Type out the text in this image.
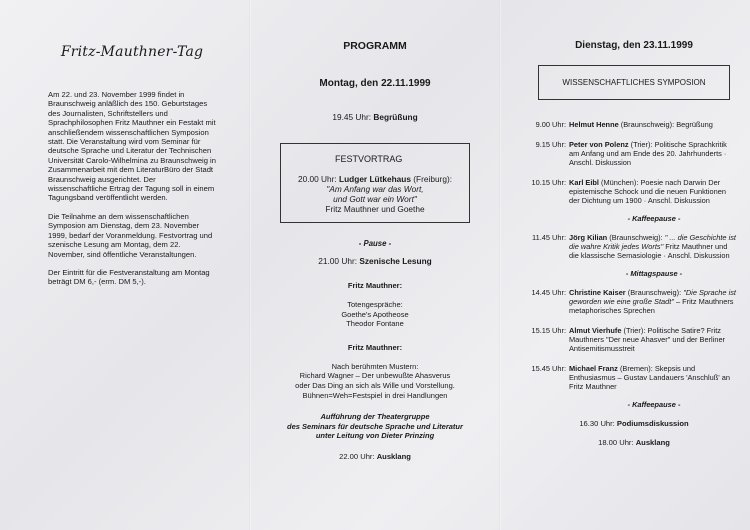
Fritz-Mauthner-Tag

Am 22. und 23. November 1999 findet in Braunschweig anläßlich des 150. Geburtstages des Journalisten, Schriftstellers und Sprachphilosophen Fritz Mauthner ein Festakt mit anschließendem wissenschaftlichen Symposion statt. Die Veranstaltung wird vom Seminar für deutsche Sprache und Literatur der Technischen Universität Carolo-Wilhelmina zu Braunschweig in Zusammenarbeit mit dem LiteraturBüro der Stadt Braunschweig ausgerichtet. Der wissenschaftliche Ertrag der Tagung soll in einem Tagungsband veröffentlicht werden.

Die Teilnahme an dem wissenschaftlichen Symposion am Dienstag, dem 23. November 1999, bedarf der Voranmeldung. Festvortrag und szenische Lesung am Montag, dem 22. November, sind öffentliche Veranstaltungen.

Der Eintritt für die Festveranstaltung am Montag beträgt DM 6,- (erm. DM 5,-).

PROGRAMM
Montag, den 22.11.1999
19.45 Uhr: Begrüßung
FESTVORTRAG
20.00 Uhr: Ludger Lütkehaus (Freiburg):
"Am Anfang war das Wort,
und Gott war ein Wort"
Fritz Mauthner und Goethe
- Pause -
21.00 Uhr: Szenische Lesung
Fritz Mauthner:
Totengespräche:
Goethe's Apotheose
Theodor Fontane
Fritz Mauthner:
Nach berühmten Mustern:
Richard Wagner – Der unbewußte Ahasverus
oder Das Ding an sich als Wille und Vorstellung.
Bühnen=Weh=Festspiel in drei Handlungen
Aufführung der Theatergruppe
des Seminars für deutsche Sprache und Literatur
unter Leitung von Dieter Prinzing
22.00 Uhr: Ausklang
Dienstag, den 23.11.1999
WISSENSCHAFTLICHES SYMPOSION
9.00 Uhr: Helmut Henne (Braunschweig): Begrüßung
9.15 Uhr: Peter von Polenz (Trier): Politische Sprachkritik am Anfang und am Ende des 20. Jahrhunderts · Anschl. Diskussion
10.15 Uhr: Karl Eibl (München): Poesie nach Darwin Der epistemische Schock und die neuen Funktionen der Dichtung um 1900 · Anschl. Diskussion
- Kaffeepause -
11.45 Uhr: Jörg Kilian (Braunschweig): " ... die Geschichte ist die wahre Kritik jedes Worts" Fritz Mauthner und die klassische Semasiologie · Anschl. Diskussion
- Mittagspause -
14.45 Uhr: Christine Kaiser (Braunschweig): "Die Sprache ist geworden wie eine große Stadt" – Fritz Mauthners metaphorisches Sprechen
15.15 Uhr: Almut Vierhufe (Trier): Politische Satire? Fritz Mauthners "Der neue Ahasver" und der Berliner Antisemitismusstreit
15.45 Uhr: Michael Franz (Bremen): Skepsis und Enthusiasmus – Gustav Landauers 'Anschluß' an Fritz Mauthner
- Kaffeepause -
16.30 Uhr: Podiumsdiskussion
18.00 Uhr: Ausklang
